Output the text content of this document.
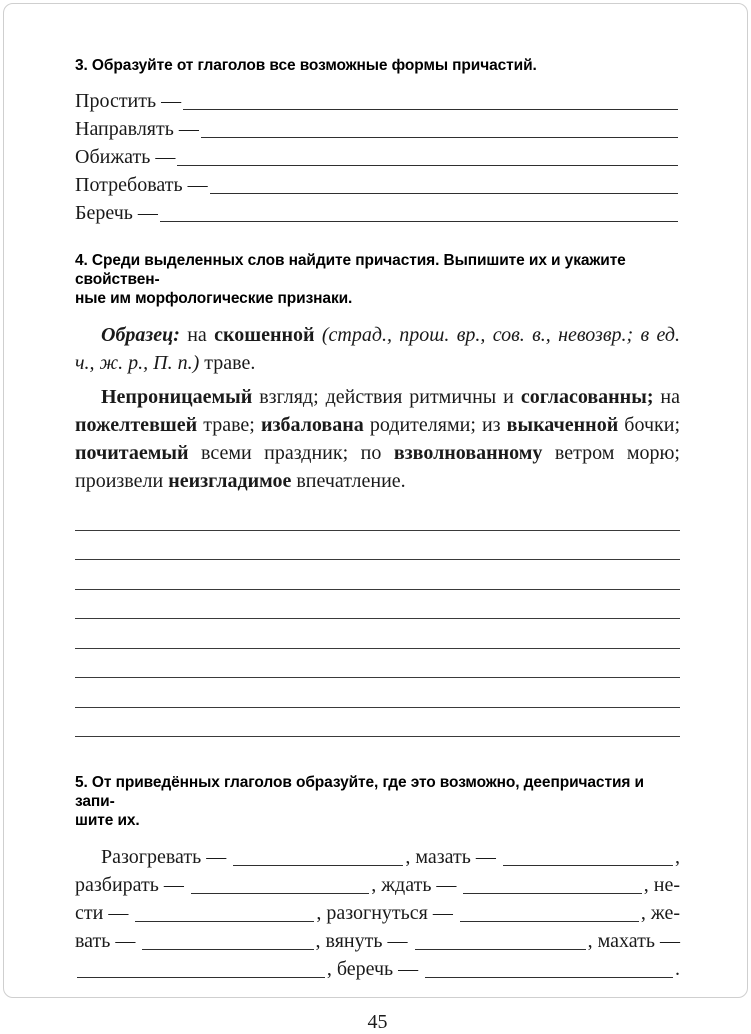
3. Образуйте от глаголов все возможные формы причастий.
Простить —
Направлять —
Обижать —
Потребовать —
Беречь —
4. Среди выделенных слов найдите причастия. Выпишите их и укажите свойствен-
ные им морфологические признаки.
Образец: на скошенной (страд., прош. вр., сов. в., невозвр.; в ед. ч., ж. р., П. п.) траве.
Непроницаемый взгляд; действия ритмичны и согласованны; на пожелтевшей траве; избалована родителями; из выкаченной бочки; почитаемый всеми праздник; по взволнованному ветром морю; произвели неизгладимое впечатление.
5. От приведённых глаголов образуйте, где это возможно, деепричастия и запи-
шите их.
Разогревать —	, мазать —	,
разбирать —	, ждать —	, не-
сти —	, разогнуться —	, же-
вать —	, вянуть —	, махать —
, беречь —	.
45
